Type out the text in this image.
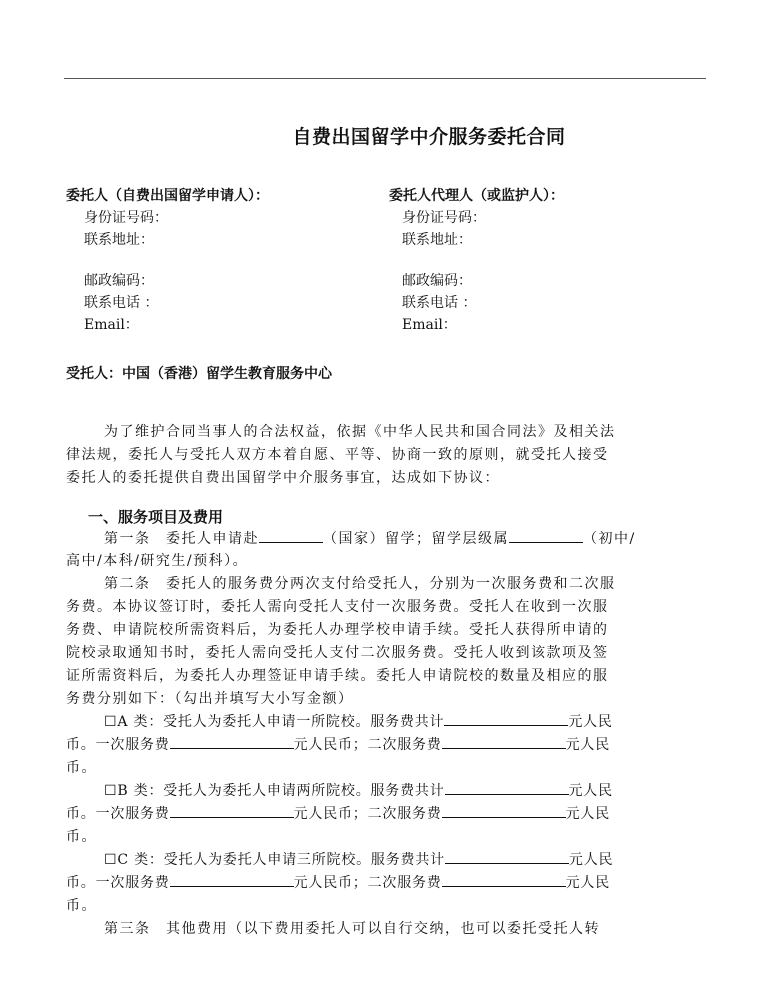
自费出国留学中介服务委托合同
委托人（自费出国留学申请人）：
身份证号码：
联系地址：
邮政编码：
联系电话 ：
Email：
委托人代理人（或监护人）：
身份证号码：
联系地址：
邮政编码：
联系电话 ：
Email：
受托人：中国（香港）留学生教育服务中心
为了维护合同当事人的合法权益，依据《中华人民共和国合同法》及相关法
律法规，委托人与受托人双方本着自愿、平等、协商一致的原则，就受托人接受
委托人的委托提供自费出国留学中介服务事宜，达成如下协议：
一、服务项目及费用
第一条　委托人申请赴	（国家）留学；留学层级属	（初中/
高中/本科/研究生/预科）。
第二条　委托人的服务费分两次支付给受托人，分别为一次服务费和二次服
务费。本协议签订时，委托人需向受托人支付一次服务费。受托人在收到一次服
务费、申请院校所需资料后，为委托人办理学校申请手续。受托人获得所申请的
院校录取通知书时，委托人需向受托人支付二次服务费。受托人收到该款项及签
证所需资料后，为委托人办理签证申请手续。委托人申请院校的数量及相应的服
务费分别如下：（勾出并填写大小写金额）
☐A 类：受托人为委托人申请一所院校。服务费共计	元人民
币。一次服务费	元人民币；二次服务费	元人民
币。
☐B 类：受托人为委托人申请两所院校。服务费共计	元人民
币。一次服务费	元人民币；二次服务费	元人民
币。
☐C 类：受托人为委托人申请三所院校。服务费共计	元人民
币。一次服务费	元人民币；二次服务费	元人民
币。
第三条　其他费用（以下费用委托人可以自行交纳，也可以委托受托人转
